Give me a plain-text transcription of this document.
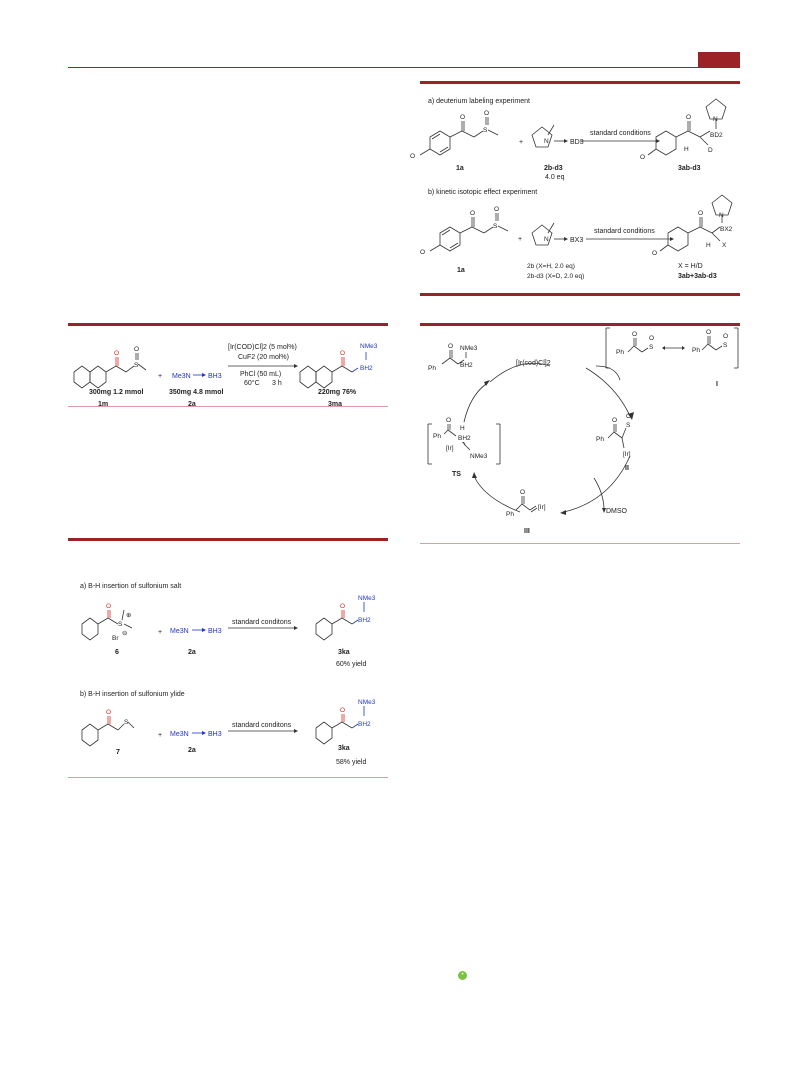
a) deuterium labeling experiment
O
O
S
O
1a
+	N	BD3
2b-d3
4.0 eq
standard conditions
O	N
BD2
H	D
O
3ab-d3
b) kinetic isotopic effect experiment
O
O
S
O
1a
+	N	BX3
2b (X=H, 2.0 eq)
2b-d3 (X=D, 2.0 eq)
standard conditions
O N
BX2
H X
O
X = H/D
3ab+3ab-d3
O
O
S
1m
+ Me3N BH3
2a
[Ir(COD)Cl]2 (5 mol%)
CuF2 (20 mol%)
PhCl (50 mL)
60°C 3 h
O
NMe3
BH2
3ma
300mg 1.2 mmol	350mg 4.8 mmol	220mg 76%
O
Ph
NMe3
BH2	[Ir(cod)Cl]2
DMSO
Ph
O
S
O
Ph
O
S
O
I
Ph
O
S
O
[Ir]
II
Ph
O
H
BH2
[Ir]
NMe3
TS
Ph
O
[Ir]
III
a) B-H insertion of sulfonium salt
b) B-H insertion of sulfonium ylide
O
S
⊕
Br
⊖
6
+ Me3N	BH3
2a
standard conditons
O
NMe3
BH2
3ka
60% yield
O
S
7
+ Me3N	BH3
2a
standard conditons
O
NMe3
BH2
3ka
58% yield
•
